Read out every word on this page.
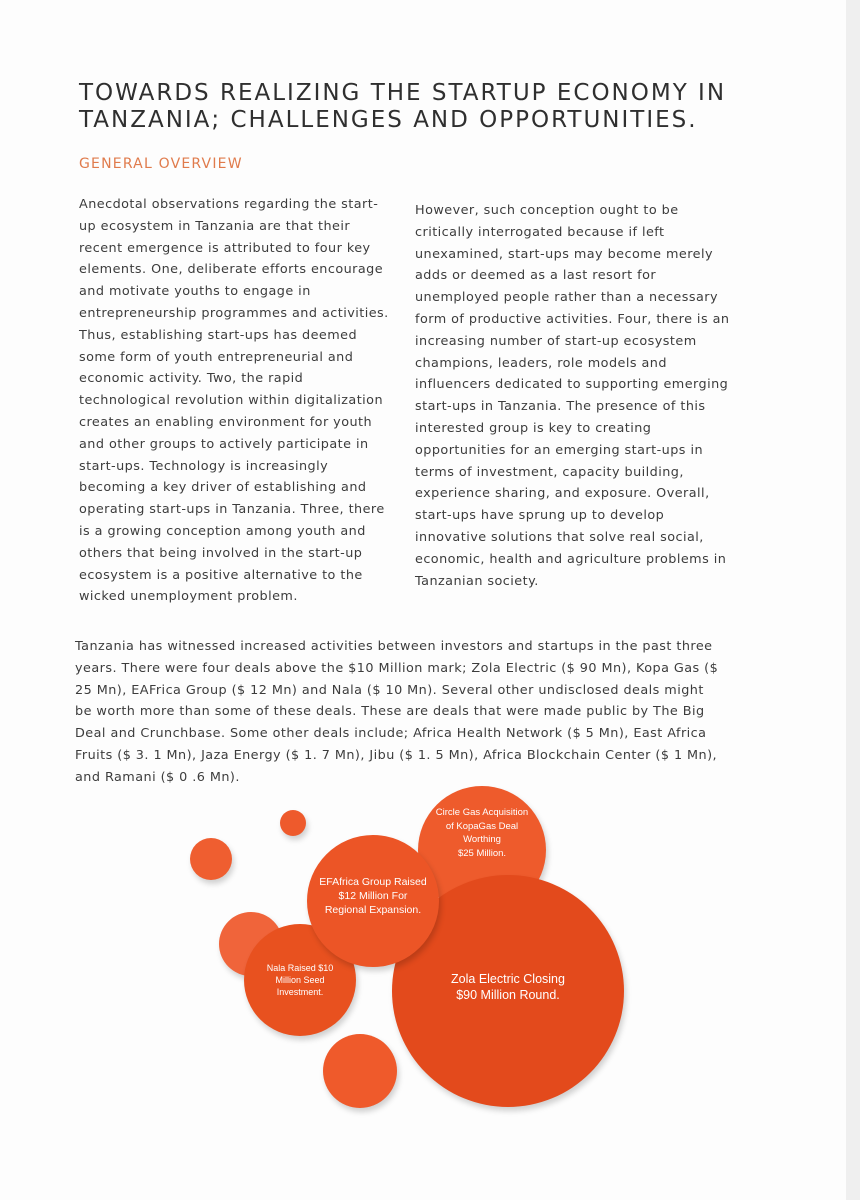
TOWARDS REALIZING THE STARTUP ECONOMY IN TANZANIA; CHALLENGES AND OPPORTUNITIES.
GENERAL OVERVIEW

Anecdotal observations regarding the start-
up ecosystem in Tanzania are that their
recent emergence is attributed to four key
elements. One, deliberate efforts encourage
and motivate youths to engage in
entrepreneurship programmes and activities.
Thus, establishing start-ups has deemed
some form of youth entrepreneurial and
economic activity. Two, the rapid
technological revolution within digitalization
creates an enabling environment for youth
and other groups to actively participate in
start-ups. Technology is increasingly
becoming a key driver of establishing and
operating start-ups in Tanzania. Three, there
is a growing conception among youth and
others that being involved in the start-up
ecosystem is a positive alternative to the
wicked unemployment problem.

However, such conception ought to be
critically interrogated because if left
unexamined, start-ups may become merely
adds or deemed as a last resort for
unemployed people rather than a necessary
form of productive activities. Four, there is an
increasing number of start-up ecosystem
champions, leaders, role models and
influencers dedicated to supporting emerging
start-ups in Tanzania. The presence of this
interested group is key to creating
opportunities for an emerging start-ups in
terms of investment, capacity building,
experience sharing, and exposure. Overall,
start-ups have sprung up to develop
innovative solutions that solve real social,
economic, health and agriculture problems in
Tanzanian society.

Tanzania has witnessed increased activities between investors and startups in the past three
years. There were four deals above the $10 Million mark; Zola Electric ($ 90 Mn), Kopa Gas ($
25 Mn), EAFrica Group ($ 12 Mn) and Nala ($ 10 Mn). Several other undisclosed deals might
be worth more than some of these deals. These are deals that were made public by The Big
Deal and Crunchbase. Some other deals include; Africa Health Network ($ 5 Mn), East Africa
Fruits ($ 3. 1 Mn), Jaza Energy ($ 1. 7 Mn), Jibu ($ 1. 5 Mn), Africa Blockchain Center ($ 1 Mn),
and Ramani ($ 0 .6 Mn).

Circle Gas Acquisition
of KopaGas Deal
Worthing
$25 Million.
Zola Electric Closing
$90 Million Round.
Nala Raised $10
Million Seed
Investment.
EFAfrica Group Raised
$12 Million For
Regional Expansion.
